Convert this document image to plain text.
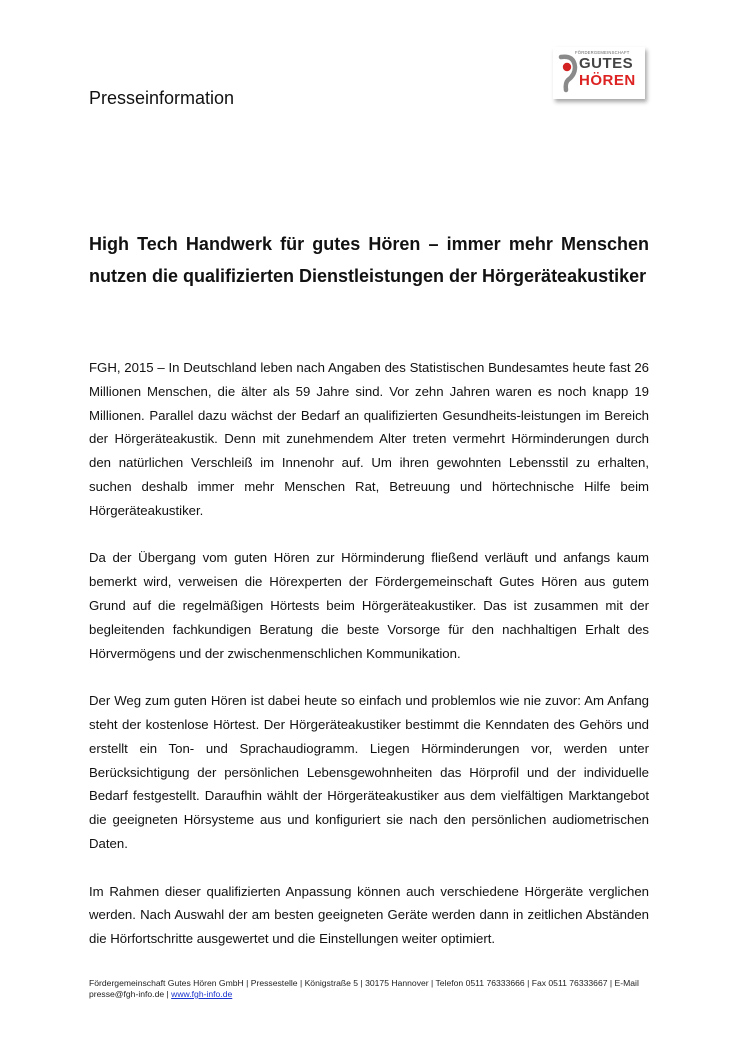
FÖRDERGEMEINSCHAFT
GUTES
HÖREN
Presseinformation
High Tech Handwerk für gutes Hören – immer mehr Menschen nutzen die qualifizierten Dienstleistungen der Hörgeräteakustiker

FGH, 2015 – In Deutschland leben nach Angaben des Statistischen Bundesamtes heute fast 26 Millionen Menschen, die älter als 59 Jahre sind. Vor zehn Jahren waren es noch knapp 19 Millionen. Parallel dazu wächst der Bedarf an qualifizierten Gesundheits-leistungen im Bereich der Hörgeräteakustik. Denn mit zunehmendem Alter treten vermehrt Hörminderungen durch den natürlichen Verschleiß im Innenohr auf. Um ihren gewohnten Lebensstil zu erhalten, suchen deshalb immer mehr Menschen Rat, Betreuung und hörtechnische Hilfe beim Hörgeräteakustiker.

Da der Übergang vom guten Hören zur Hörminderung fließend verläuft und anfangs kaum bemerkt wird, verweisen die Hörexperten der Fördergemeinschaft Gutes Hören aus gutem Grund auf die regelmäßigen Hörtests beim Hörgeräteakustiker. Das ist zusammen mit der begleitenden fachkundigen Beratung die beste Vorsorge für den nachhaltigen Erhalt des Hörvermögens und der zwischenmenschlichen Kommunikation.

Der Weg zum guten Hören ist dabei heute so einfach und problemlos wie nie zuvor: Am Anfang steht der kostenlose Hörtest. Der Hörgeräteakustiker bestimmt die Kenndaten des Gehörs und erstellt ein Ton- und Sprachaudiogramm. Liegen Hörminderungen vor, werden unter Berücksichtigung der persönlichen Lebensgewohnheiten das Hörprofil und der individuelle Bedarf festgestellt. Daraufhin wählt der Hörgeräteakustiker aus dem vielfältigen Marktangebot die geeigneten Hörsysteme aus und konfiguriert sie nach den persönlichen audiometrischen Daten.

Im Rahmen dieser qualifizierten Anpassung können auch verschiedene Hörgeräte verglichen werden. Nach Auswahl der am besten geeigneten Geräte werden dann in zeitlichen Abständen die Hörfortschritte ausgewertet und die Einstellungen weiter optimiert.

Fördergemeinschaft Gutes Hören GmbH | Pressestelle | Königstraße 5 | 30175 Hannover | Telefon 0511 76333666 | Fax 0511 76333667 | E-Mail presse@fgh-info.de | www.fgh-info.de
